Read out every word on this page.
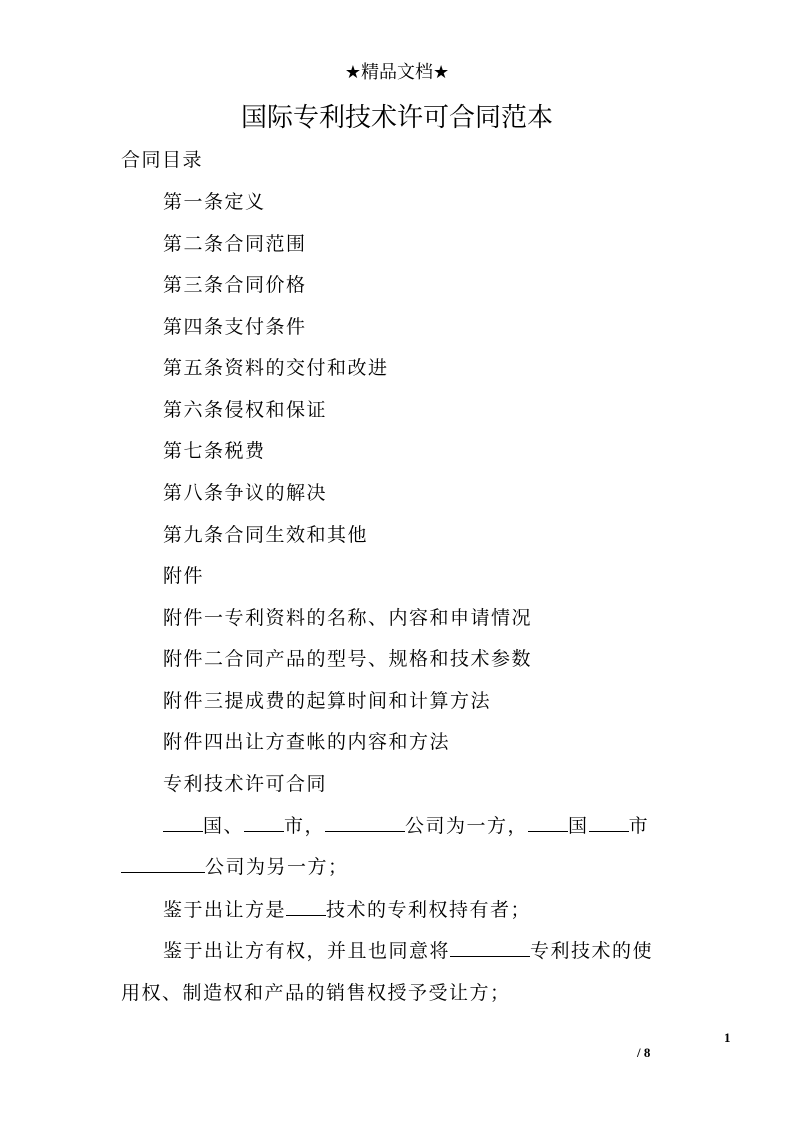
★精品文档★
国际专利技术许可合同范本
合同目录
第一条定义
第二条合同范围
第三条合同价格
第四条支付条件
第五条资料的交付和改进
第六条侵权和保证
第七条税费
第八条争议的解决
第九条合同生效和其他
附件
附件一专利资料的名称、内容和申请情况
附件二合同产品的型号、规格和技术参数
附件三提成费的起算时间和计算方法
附件四出让方查帐的内容和方法
专利技术许可合同
国、 市，	公司为一方， 国 市
公司为另一方；
鉴于出让方是 技术的专利权持有者；
鉴于出让方有权，并且也同意将	专利技术的使
用权、制造权和产品的销售权授予受让方；
1
/ 8
